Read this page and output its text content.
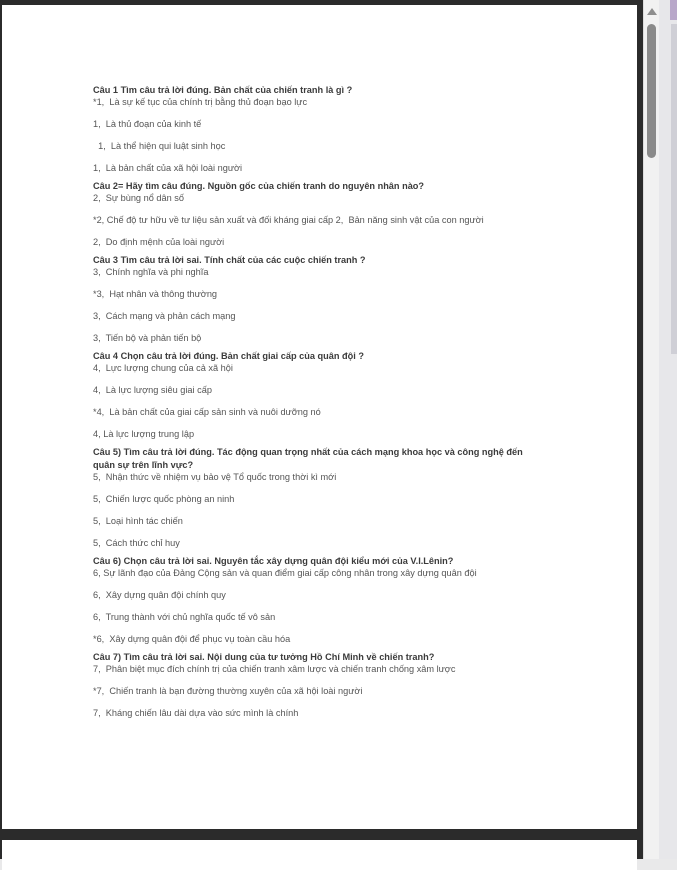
Câu 1 Tìm câu trả lời đúng. Bản chất của chiến tranh là gì ?
*1,  Là sự kế tục của chính trị bằng thủ đoạn bạo lực
1,  Là thủ đoạn của kinh tế
1,  Là thể hiện qui luật sinh học
1,  Là bản chất của xã hội loài người
Câu 2= Hãy tìm câu đúng. Nguồn gốc của chiến tranh do nguyên nhân nào?
2,  Sự bùng nổ dân số
*2, Chế độ tư hữu về tư liệu sản xuất và đối kháng giai cấp 2,  Bản năng sinh vật của con người
2,  Do định mệnh của loài người
Câu 3 Tìm câu trả lời sai. Tính chất của các cuộc chiến tranh ?
3,  Chính nghĩa và phi nghĩa
*3,  Hạt nhân và thông thường
3,  Cách mạng và phản cách mạng
3,  Tiến bộ và phản tiến bộ
Câu 4 Chọn câu trả lời đúng. Bản chất giai cấp của quân đội ?
4,  Lực lượng chung của cả xã hội
4,  Là lực lượng siêu giai cấp
*4,  Là bản chất của giai cấp sản sinh và nuôi dưỡng nó
4, Là lực lượng trung lập
Câu 5) Tìm câu trả lời đúng. Tác động quan trọng nhất của cách mạng khoa học và công nghệ đến quân sự trên lĩnh vực?
5,  Nhận thức về nhiệm vụ bảo vệ Tổ quốc trong thời kì mới
5,  Chiến lược quốc phòng an ninh
5,  Loại hình tác chiến
5,  Cách thức chỉ huy
Câu 6) Chọn câu trả lời sai. Nguyên tắc xây dựng quân đội kiểu mới của V.I.Lênin?
6, Sự lãnh đạo của Đảng Cộng sản và quan điểm giai cấp công nhân trong xây dựng quân đội
6,  Xây dựng quân đội chính quy
6,  Trung thành với chủ nghĩa quốc tế vô sản
*6,  Xây dựng quân đội để phục vụ toàn cầu hóa
Câu 7) Tìm câu trả lời sai. Nội dung của tư tưởng Hồ Chí Minh về chiến tranh?
7,  Phân biệt mục đích chính trị của chiến tranh xâm lược và chiến tranh chống xâm lược
*7,  Chiến tranh là bạn đường thường xuyên của xã hội loài người
7,  Kháng chiến lâu dài dựa vào sức mình là chính
